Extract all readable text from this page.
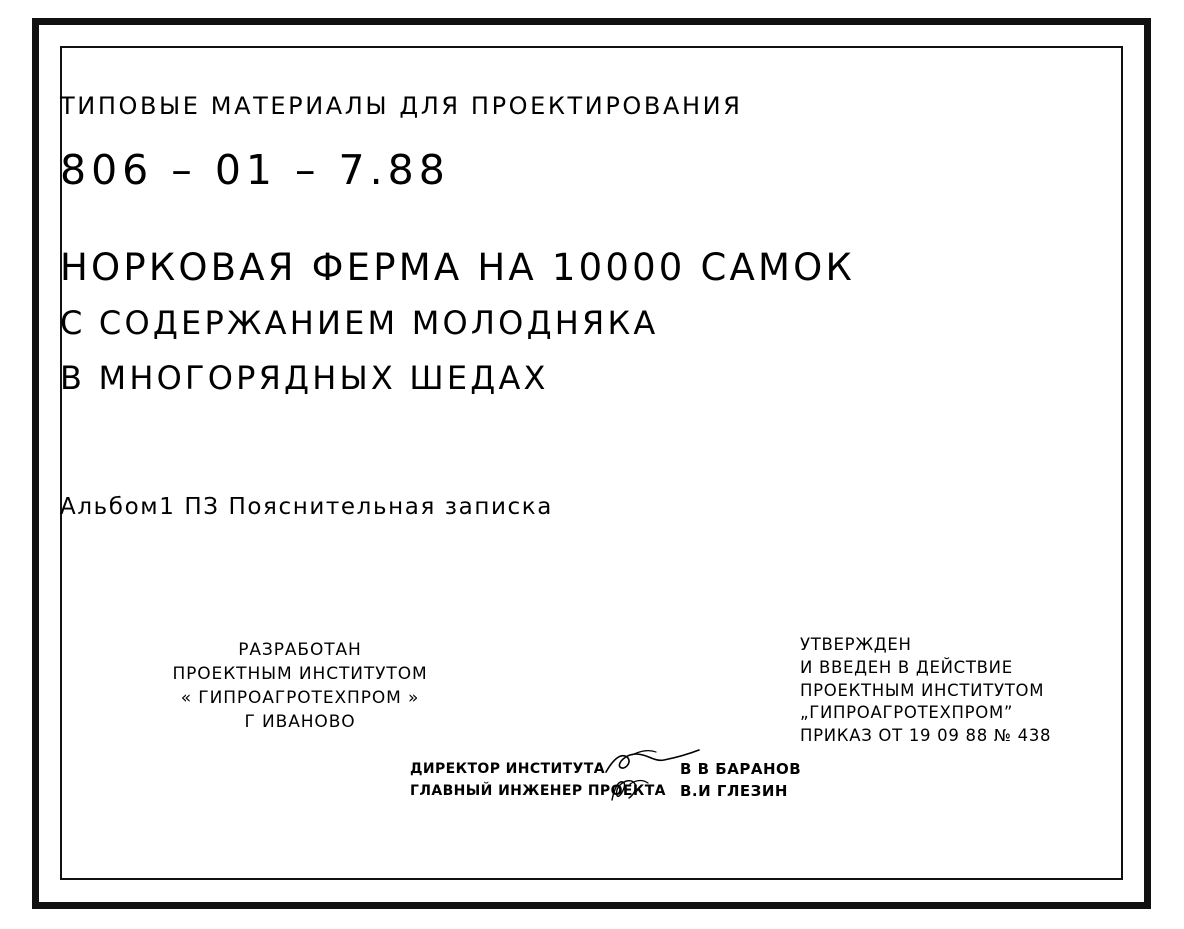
ТИПОВЫЕ МАТЕРИАЛЫ ДЛЯ ПРОЕКТИРОВАНИЯ
806 – 01 – 7.88
НОРКОВАЯ ФЕРМА НА 10000 САМОК
С СОДЕРЖАНИЕМ МОЛОДНЯКА
В МНОГОРЯДНЫХ ШЕДАХ
Альбом1 ПЗ Пояснительная записка
РАЗРАБОТАН
ПРОЕКТНЫМ ИНСТИТУТОМ
« ГИПРОАГРОТЕХПРОМ »
Г ИВАНОВО
УТВЕРЖДЕН
И ВВЕДЕН В ДЕЙСТВИЕ
ПРОЕКТНЫМ ИНСТИТУТОМ
„ГИПРОАГРОТЕХПРОМ”
ПРИКАЗ ОТ 19 09 88 № 438
ДИРЕКТОР ИНСТИТУТА	В В БАРАНОВ
ГЛАВНЫЙ ИНЖЕНЕР ПРОЕКТА В.И ГЛЕЗИН
